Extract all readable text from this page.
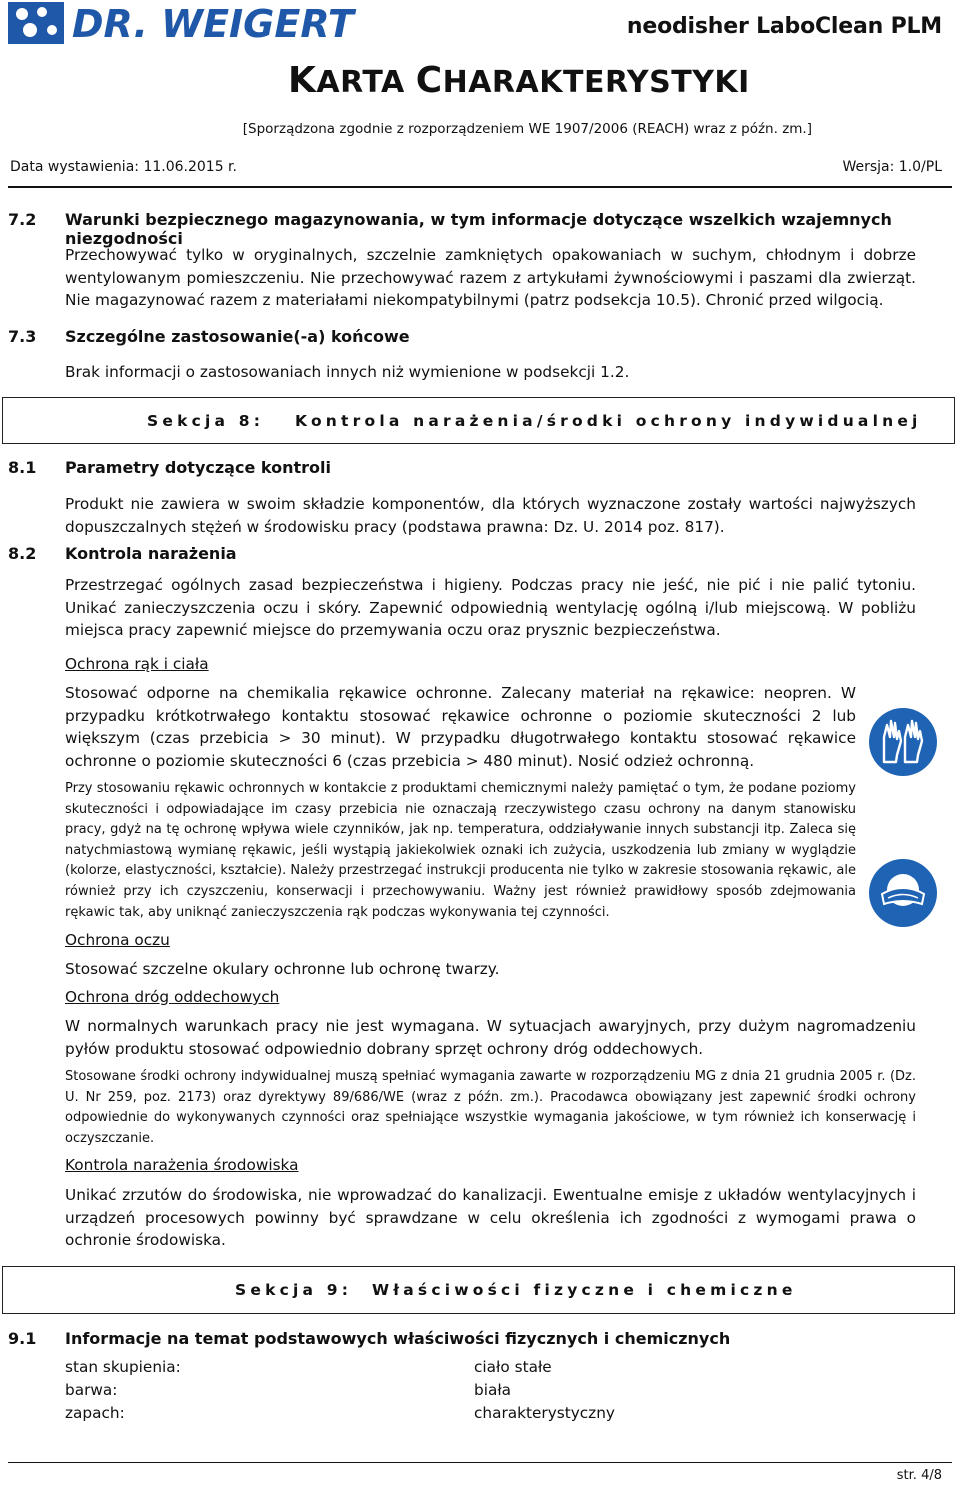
DR. WEIGERT	neodisher LaboClean PLM
KARTA CHARAKTERYSTYKI
[Sporządzona zgodnie z rozporządzeniem WE 1907/2006 (REACH) wraz z późn. zm.]
Data wystawienia: 11.06.2015 r.	Wersja: 1.0/PL
7.2 Warunki bezpiecznego magazynowania, w tym informacje dotyczące wszelkich wzajemnych niezgodności
Przechowywać tylko w oryginalnych, szczelnie zamkniętych opakowaniach w suchym, chłodnym i dobrze wentylowanym pomieszczeniu. Nie przechowywać razem z artykułami żywnościowymi i paszami dla zwierząt. Nie magazynować razem z materiałami niekompatybilnymi (patrz podsekcja 10.5). Chronić przed wilgocią.
7.3 Szczególne zastosowanie(-a) końcowe
Brak informacji o zastosowaniach innych niż wymienione w podsekcji 1.2.
Sekcja 8: Kontrola narażenia/środki ochrony indywidualnej
8.1 Parametry dotyczące kontroli
Produkt nie zawiera w swoim składzie komponentów, dla których wyznaczone zostały wartości najwyższych dopuszczalnych stężeń w środowisku pracy (podstawa prawna: Dz. U. 2014 poz. 817).
8.2 Kontrola narażenia
Przestrzegać ogólnych zasad bezpieczeństwa i higieny. Podczas pracy nie jeść, nie pić i nie palić tytoniu. Unikać zanieczyszczenia oczu i skóry. Zapewnić odpowiednią wentylację ogólną i/lub miejscową. W pobliżu miejsca pracy zapewnić miejsce do przemywania oczu oraz prysznic bezpieczeństwa.
Ochrona rąk i ciała
Stosować odporne na chemikalia rękawice ochronne. Zalecany materiał na rękawice: neopren. W przypadku krótkotrwałego kontaktu stosować rękawice ochronne o poziomie skuteczności 2 lub większym (czas przebicia > 30 minut). W przypadku długotrwałego kontaktu stosować rękawice ochronne o poziomie skuteczności 6 (czas przebicia > 480 minut). Nosić odzież ochronną.
Przy stosowaniu rękawic ochronnych w kontakcie z produktami chemicznymi należy pamiętać o tym, że podane poziomy skuteczności i odpowiadające im czasy przebicia nie oznaczają rzeczywistego czasu ochrony na danym stanowisku pracy, gdyż na tę ochronę wpływa wiele czynników, jak np. temperatura, oddziaływanie innych substancji itp. Zaleca się natychmiastową wymianę rękawic, jeśli wystąpią jakiekolwiek oznaki ich zużycia, uszkodzenia lub zmiany w wyglądzie (kolorze, elastyczności, kształcie). Należy przestrzegać instrukcji producenta nie tylko w zakresie stosowania rękawic, ale również przy ich czyszczeniu, konserwacji i przechowywaniu. Ważny jest również prawidłowy sposób zdejmowania rękawic tak, aby uniknąć zanieczyszczenia rąk podczas wykonywania tej czynności.
Ochrona oczu
Stosować szczelne okulary ochronne lub ochronę twarzy.
Ochrona dróg oddechowych
W normalnych warunkach pracy nie jest wymagana. W sytuacjach awaryjnych, przy dużym nagromadzeniu pyłów produktu stosować odpowiednio dobrany sprzęt ochrony dróg oddechowych.
Stosowane środki ochrony indywidualnej muszą spełniać wymagania zawarte w rozporządzeniu MG z dnia 21 grudnia 2005 r. (Dz. U. Nr 259, poz. 2173) oraz dyrektywy 89/686/WE (wraz z późn. zm.). Pracodawca obowiązany jest zapewnić środki ochrony odpowiednie do wykonywanych czynności oraz spełniające wszystkie wymagania jakościowe, w tym również ich konserwację i oczyszczanie.
Kontrola narażenia środowiska
Unikać zrzutów do środowiska, nie wprowadzać do kanalizacji. Ewentualne emisje z układów wentylacyjnych i urządzeń procesowych powinny być sprawdzane w celu określenia ich zgodności z wymogami prawa o ochronie środowiska.
Sekcja 9: Właściwości fizyczne i chemiczne
9.1 Informacje na temat podstawowych właściwości fizycznych i chemicznych
stan skupienia:	ciało stałe
barwa:	biała
zapach:	charakterystyczny
str. 4/8
